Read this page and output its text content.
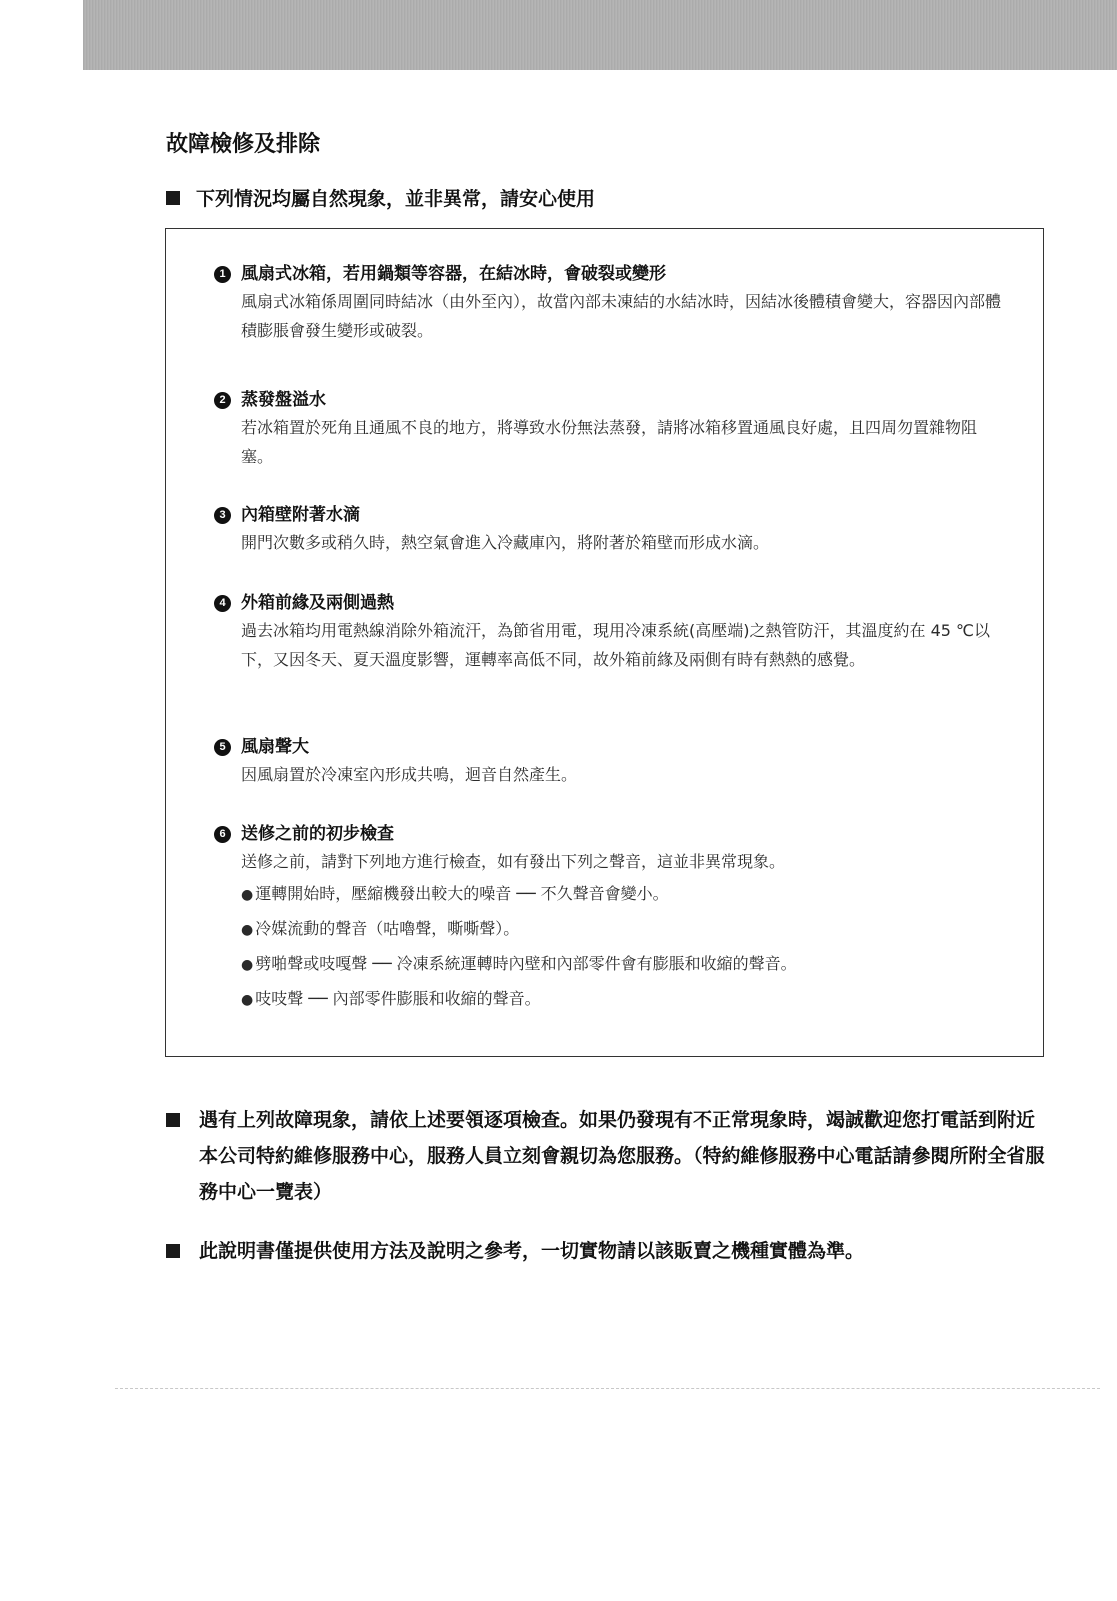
13
故障檢修及排除
下列情況均屬自然現象，並非異常，請安心使用
1 風扇式冰箱，若用鍋類等容器，在結冰時，會破裂或變形
風扇式冰箱係周圍同時結冰（由外至內），故當內部未凍結的水結冰時，因結冰後體積會變大，容器因內部體積膨脹會發生變形或破裂。
2 蒸發盤溢水
若冰箱置於死角且通風不良的地方，將導致水份無法蒸發，請將冰箱移置通風良好處，且四周勿置雜物阻塞。
3 內箱壁附著水滴
開門次數多或稍久時，熱空氣會進入冷藏庫內，將附著於箱壁而形成水滴。
4 外箱前緣及兩側過熱
過去冰箱均用電熱線消除外箱流汗，為節省用電，現用冷凍系統(高壓端)之熱管防汗，其溫度約在 45 ℃以下，又因冬天、夏天溫度影響，運轉率高低不同，故外箱前緣及兩側有時有熱熱的感覺。
5 風扇聲大
因風扇置於冷凍室內形成共鳴，迴音自然產生。
6 送修之前的初步檢查
送修之前，請對下列地方進行檢查，如有發出下列之聲音，這並非異常現象。
● 運轉開始時，壓縮機發出較大的噪音 ── 不久聲音會變小。
● 冷媒流動的聲音（咕嚕聲，嘶嘶聲）。
● 劈啪聲或吱嘎聲 ── 冷凍系統運轉時內壁和內部零件會有膨脹和收縮的聲音。
● 吱吱聲 ── 內部零件膨脹和收縮的聲音。
遇有上列故障現象，請依上述要領逐項檢查。如果仍發現有不正常現象時，竭誠歡迎您打電話到附近本公司特約維修服務中心，服務人員立刻會親切為您服務。（特約維修服務中心電話請參閱所附全省服務中心一覽表）
此說明書僅提供使用方法及說明之參考，一切實物請以該販賣之機種實體為準。
